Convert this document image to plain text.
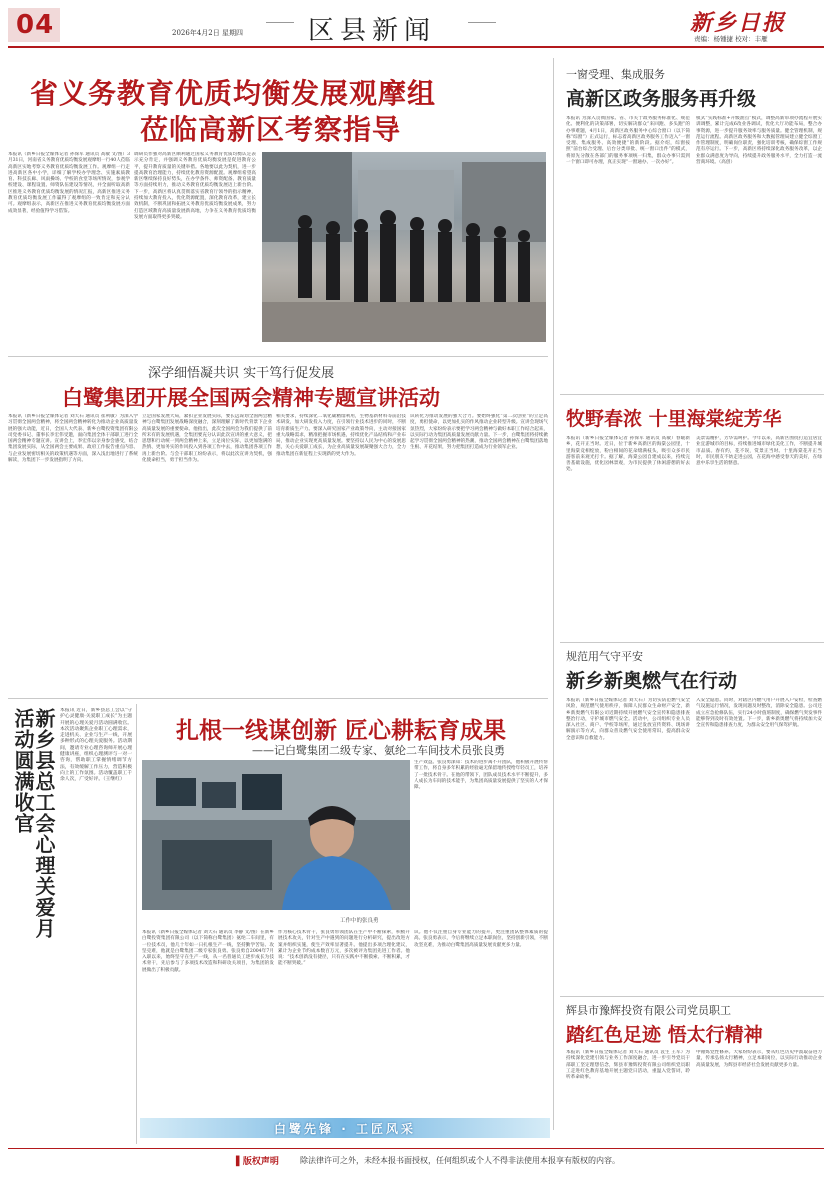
04	区县新闻
2026年4月2日 星期四	新乡日报
责编：杨锺捷 校对：丰雁
省义务教育优质均衡发展观摩组
莅临高新区考察指导
本报讯（新乡日报全媒体记者 孙保军 通讯员 高敏 文/图）3月31日，河南省义务教育优质均衡发展观摩组一行40人莅临高新区实地考察义务教育优质均衡发展工作。观摩组一行走进高新区各中小学，详细了解学校办学理念、实施素质教育、科技长廊、风雨操场、学校的食堂等场所情况，参观学校建设、课程设置、师资队伍建设等情况，并全面听取高新区推进义务教育优质均衡发展的情况汇报，高新区推进义务教育优质均衡发展工作赢得了观摩组的一致肯定和充分认可。观摩组表示，高新区在推进义务教育优质均衡发展方面成效显著，经验值得学习借鉴。
调研员作强对高新区顺利通过国家义务教育优质均衡认定表示充分肯定，并强调义务教育优质均衡发展是促进教育公平，提升教育质量的关键举措。各地要以此为契机，进一步提高教育治理能力，持续优化教育资源配置。观摩组希望高新区继续保持良好势头，在办学条件、师资配备、教育质量等方面持续用力，推动义务教育优质均衡发展迈上新台阶。下一步，高新区将认真贯彻落实省教育厅领导的指示精神，持续加大教育投入，优化资源配置，深化教育改革，建立长效机制，不断巩固和拓展义务教育优质均衡发展成果，努力打造区域教育高质量发展新高地，力争在义务教育优质均衡发展方面取得更多突破。
深学细悟凝共识 实干笃行促发展
白鹭集团开展全国两会精神专题宣讲活动
本报讯（新乡日报全媒体记者 刘天石 通讯员 崔利敏）为深入学习贯彻全国两会精神，将全国两会精神转化为推动企业高质量发展的强大动能，近日，全国人大代表、新乡白鹭投资集团有限公司党委书记、董事长李宏伟受邀，面向集团全体干部职工进行全国两会精神专题宣讲。宣讲会上，李宏伟以亲身参会感受，结合集团发展实际，从全国两会主要成果、政府工作报告重点内容、与企业发展密切相关的政策机遇等方面，深入浅出地进行了系统解读，为集团下一步发展指明了方向。
立足国家发展大局，紧扣企业发展实际，要长远谋划全国两会精神与白鹭集团发展战略深度融合，深刻理解了新时代背景下企业高质量发展的重要使命。他指出，此次全国两会为我们提供了前所未有的发展机遇，全集团要充分认识此次宣讲的重大意义，把思想和行动统一到两会精神上来，立足岗位实际，以更加饱满的热情、更加务实的作风投入到各项工作中去，推动集团各项工作再上新台阶。与会干部职工纷纷表示，将以此次宣讲为契机，强化使命担当，勇于担当作为。
相关要求，持续深化二氧化碳精馏利用，生物基新材料等前沿技术研发，加大研发投入力度，在引领行业技术进步的同时，不断培育新质生产力。要深入研究国家产业政策导向，主动对接国家重大战略需求，精准把握市场机遇，持续优化产品结构和产业布局，推动企业实现更高质量发展。要坚持以人民为中心的发展思想，关心关爱职工成长，为企业高质量发展凝聚强大合力，全力推动集团在新征程上实现新的更大作为。
识转化为推动发展的强大合力。要始终强化“第二次创业”的立足高度，勇担使命，以更加扎实的作风推动企业转型升级。宣讲会现场气氛热烈，大家纷纷表示要把学习两会精神与做好本职工作结合起来，以实际行动为集团高质量发展贡献力量。下一步，白鹭集团将持续掀起学习贯彻全国两会精神的热潮，推动全国两会精神在白鹭集团落地生根、开花结果，努力把集团打造成为行业领军企业。
新乡县总工会心理关爱月活动圆满收官	本报讯 近日，新乡县总工会以“守护心灵健康·关爱职工成长”为主题开展的心理关爱月活动圆满收官。本次活动聚焦企业职工心理需求，走进机关、企业与生产一线，开展多种形式的心理关爱服务。活动期间，邀请专业心理咨询师开展心理健康讲座，组织心理测评与一对一咨询，帮助职工掌握情绪调节方法，有效缓解工作压力，营造积极向上的工作氛围。活动覆盖职工千余人次，广受好评。（王继红）
扎根一线谋创新 匠心耕耘育成果
——记白鹭集团二级专家、氨纶二车间技术员张良勇
工作中的张良勇
生产效益。张良勇深知：技术的进步离不开团队，他积极开展传帮带工作，将自身多年积累的经验毫无保留地传授给年轻员工，培养了一批技术骨干。在他的带领下，团队成员技术水平不断提升，多人成长为车间的技术能手，为集团高质量发展提供了坚实的人才保障。
本报讯（新乡日报全媒体记者 刘天石 通讯员 李静 文/图）在新乡白鹭投资集团有限公司（以下简称白鹭集团）氨纶二车间里，有一位技术员，他几十年如一日扎根生产一线，坚持勤学苦钻、攻坚克难，他就是白鹭集团二级专家张良勇。张良勇自2004年7月入职以来，始终坚守在生产一线，从一名普通员工逐步成长为技术骨干，先后参与了多项技术改造和科研攻关项目，为集团的发展做出了积极贡献。
作为核心技术骨干，张良勇带领团队在生产中不断探索，积极开展技术攻关，针对生产中遇到的问题进行分析研究，提出改进方案并组织实施，使生产效率显著提升。他提出多项合理化建议，累计为企业节约成本数百万元，多次被评为集团先进工作者。他说：“技术创新没有捷径，只有在实践中不断摸索、不断积累，才能不断突破。”
识。他不仅注重自身专业能力的提升，更注重团队整体素质的提高。张良勇表示，今后将继续立足本职岗位，坚持创新引领，不断攻坚克难，为推动白鹭集团高质量发展贡献更多力量。
白鹭先锋 · 工匠风采
一窗受理、集成服务
高新区政务服务再升级
本报讯 为深入贯彻国家、省、市关于政务服务标准化、规范化、便利化的决策部署，切实解决群众“来回跑、多头跑”的办事难题，4月1日，高新区政务服务中心综合窗口（以下简称“综窗”）正式运行，标志着高新区政务服务工作迈入“一窗受理、集成服务、高效便捷”的新阶段。据介绍，综窗按照“前台综合受理、后台分类审批、统一窗口出件”的模式，将原先分散在各部门的服务事项统一归集，群众办事只需到一个窗口即可办理，真正实现“一窗通办、一次办好”。
模式“实践标准+升级油点”模式，调整高新审项办流程开展实训调整，累计完成6改业各调试，优化大厅功能布局，整合办事资源，进一步提升服务效率与服务质量。健全管理机制，规范运行流程。高新区政务服务和大数据管理局建立健全综窗工作管理制度，明确岗位职责，强化培训考核，确保综窗工作规范有序运行。下一步，高新区将持续深化政务服务改革，以企业群众满意度为导向，持续提升政务服务水平，全力打造一流营商环境。（高创）
牧野春浓 十里海棠绽芳华
本报讯（新乡日报全媒体记者 孙保军 通讯员 高敏）春暖新乡，花开正当时。近日，位于新乡高新区的海棠公园里，十里海棠竞相绽放，粉白相间的花朵缀满枝头，吸引众多市民游客前来观光打卡。据了解，海棠公园自建成以来，持续完善基础设施，优化园林景观，为市民提供了休闲游憩的好去处。
美景需精护，芳华需呵护。今年以来，高新区围绕打造宜居宜业宜游城市的目标，持续推进城市绿化美化工作，不断提升城市品质。春有约，花不误，赏景正当时。十里海棠花开正当时，市民朋友不妨走进公园，在花海中感受春天的美好，在绿意中乐享生活的惬意。
规范用气守平安
新乡新奥燃气在行动
本报讯（新乡日报全媒体记者 刘天石）为切实防范燃气安全风险，规范燃气使用秩序，保障人民群众生命财产安全，新乡新奥燃气有限公司近期持续开展燃气安全宣传和隐患排查整治行动，守护城市燃气安全。活动中，公司组织专业人员深入社区、商户、学校等场所，通过发放宣传资料、现场讲解演示等方式，向群众普及燃气安全使用常识，提高群众安全意识和自救能力。
入安全隐患。同时，对辖区内燃气用户开展入户安检，检查燃气设施运行情况，发现问题及时整改，消除安全隐患。公司还成立应急抢修队伍，实行24小时值班制度，确保燃气突发事件能够得到及时有效处置。下一步，新乡新奥燃气将持续加大安全宣传和隐患排查力度，为群众安全用气保驾护航。
辉县市豫辉投资有限公司党员职工
踏红色足迹 悟太行精神
本报讯（新乡日报全媒体记者 刘天石 通讯员 袁生 王军）为持续深化党建引领与业务工作深度融合，进一步引导党员干部职工坚定理想信念，辉县市豫辉投资有限公司组织党员职工走进红色教育基地开展主题党日活动，重温入党誓词，聆听革命故事。
中锤炼党性修养。大家纷纷表示，要从红色历史中汲取奋进力量，传承弘扬太行精神，立足本职岗位，以实际行动推动企业高质量发展，为辉县市经济社会发展贡献更多力量。
▌版权声明	除法律许可之外，未经本报书面授权，任何组织或个人不得非法使用本报享有版权的内容。
